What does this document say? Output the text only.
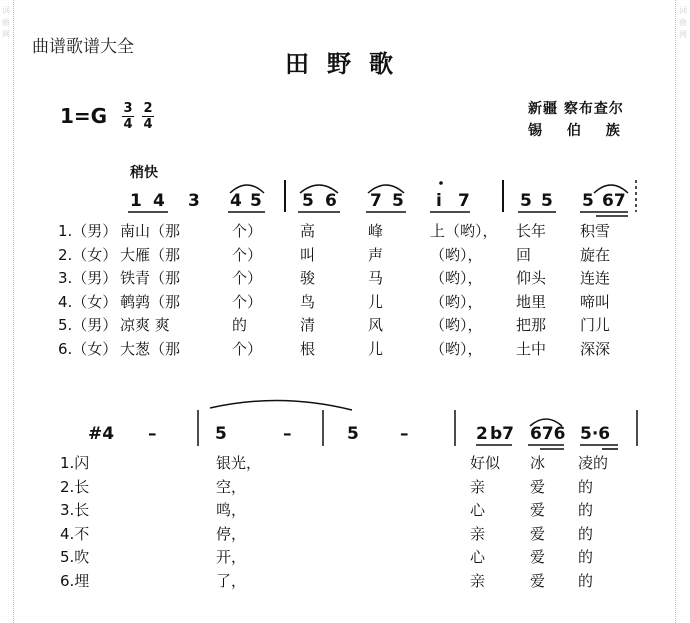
词
曲
网
词
曲
网
曲谱歌谱大全
田野歌
1=G 3
4
2
4
新疆 察布查尔
锡 伯 族
稍快
1 4 3 4 5 5 6 7 5 i 7	5 5 5 67
1.（男） 南山（那	个）	高	峰	上（哟）， 长年 积雪
2.（女） 大雁（那	个）	叫	声	（哟）， 回	旋在
3.（男） 铁青（那	个）	骏	马	（哟）， 仰头 连连
4.（女） 鹌鹑（那	个）	鸟	儿	（哟）， 地里 啼叫
5.（男） 凉爽 爽	的	清	风	（哟）， 把那 门儿
6.（女） 大葱（那	个）	根	儿	（哟）， 土中 深深
#4 –	5	–	5 –	2 b7 676 5·6
1.闪	银光，	好似 冰 凌的
2.长	空，	亲	爱 的
3.长	鸣，	心	爱 的
4.不	停，	亲	爱 的
5.吹	开，	心	爱 的
6.埋	了，	亲	爱 的
